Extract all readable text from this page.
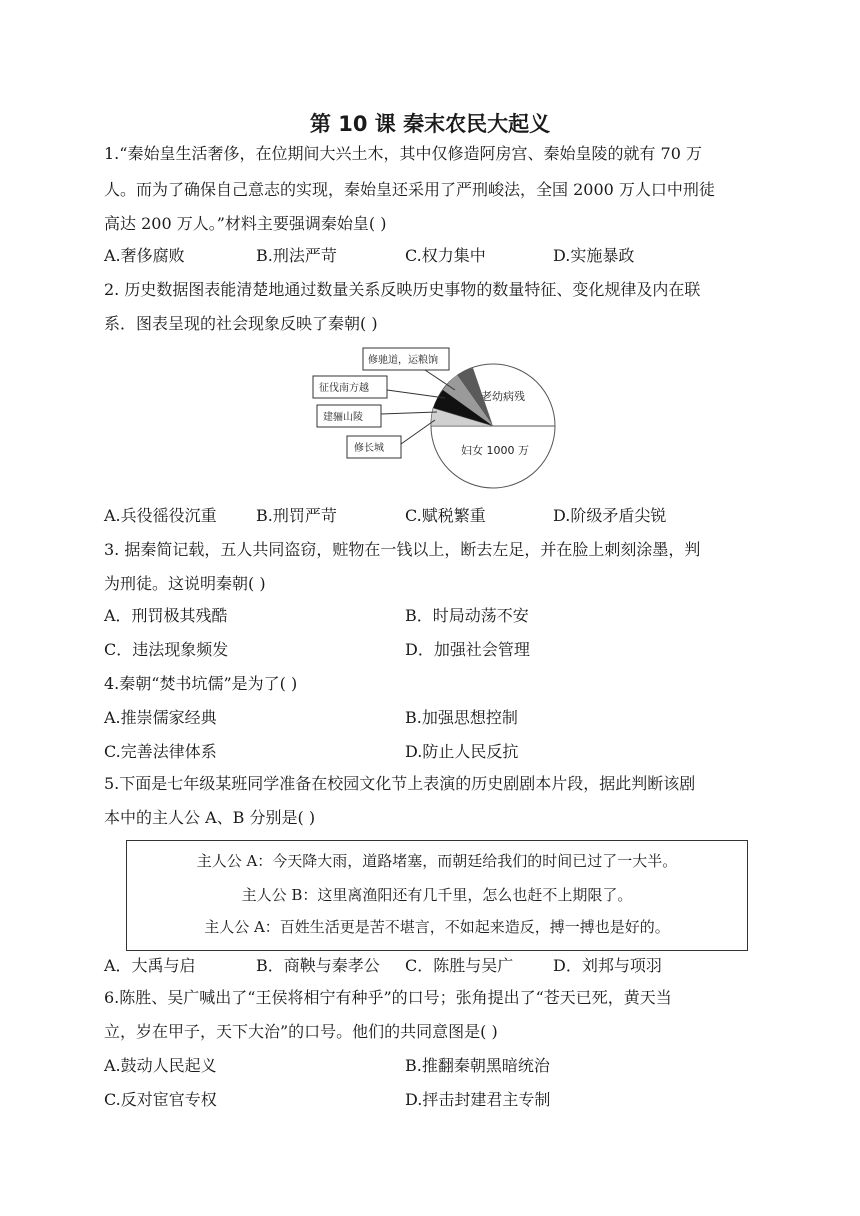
第 10 课 秦末农民大起义
1.“秦始皇生活奢侈，在位期间大兴土木，其中仅修造阿房宫、秦始皇陵的就有 70 万
人。而为了确保自己意志的实现，秦始皇还采用了严刑峻法，全国 2000 万人口中刑徒
高达 200 万人。”材料主要强调秦始皇( )
A.奢侈腐败	B.刑法严苛	C.权力集中	D.实施暴政
2. 历史数据图表能清楚地通过数量关系反映历史事物的数量特征、变化规律及内在联
系．图表呈现的社会现象反映了秦朝( )
老幼病残
妇女 1000 万
修驰道，运粮饷
征伐南方越
建骊山陵
修长城
A.兵役徭役沉重 B.刑罚严苛	C.赋税繁重	D.阶级矛盾尖锐
3. 据秦简记载，五人共同盗窃，赃物在一钱以上，断去左足，并在脸上刺刻涂墨，判
为刑徒。这说明秦朝( )
A．刑罚极其残酷	B．时局动荡不安
C．违法现象频发	D．加强社会管理
4.秦朝“焚书坑儒”是为了( )
A.推崇儒家经典	B.加强思想控制
C.完善法律体系	D.防止人民反抗
5.下面是七年级某班同学准备在校园文化节上表演的历史剧剧本片段，据此判断该剧
本中的主人公 A、B 分别是( )
主人公 A：今天降大雨，道路堵塞，而朝廷给我们的时间已过了一大半。
主人公 B：这里离渔阳还有几千里，怎么也赶不上期限了。
主人公 A：百姓生活更是苦不堪言，不如起来造反，搏一搏也是好的。
A．大禹与启	B．商鞅与秦孝公 C．陈胜与吴广 D．刘邦与项羽
6.陈胜、吴广喊出了“王侯将相宁有种乎”的口号；张角提出了“苍天已死，黄天当
立，岁在甲子，天下大治”的口号。他们的共同意图是( )
A.鼓动人民起义	B.推翻秦朝黑暗统治
C.反对宦官专权	D.抨击封建君主专制
